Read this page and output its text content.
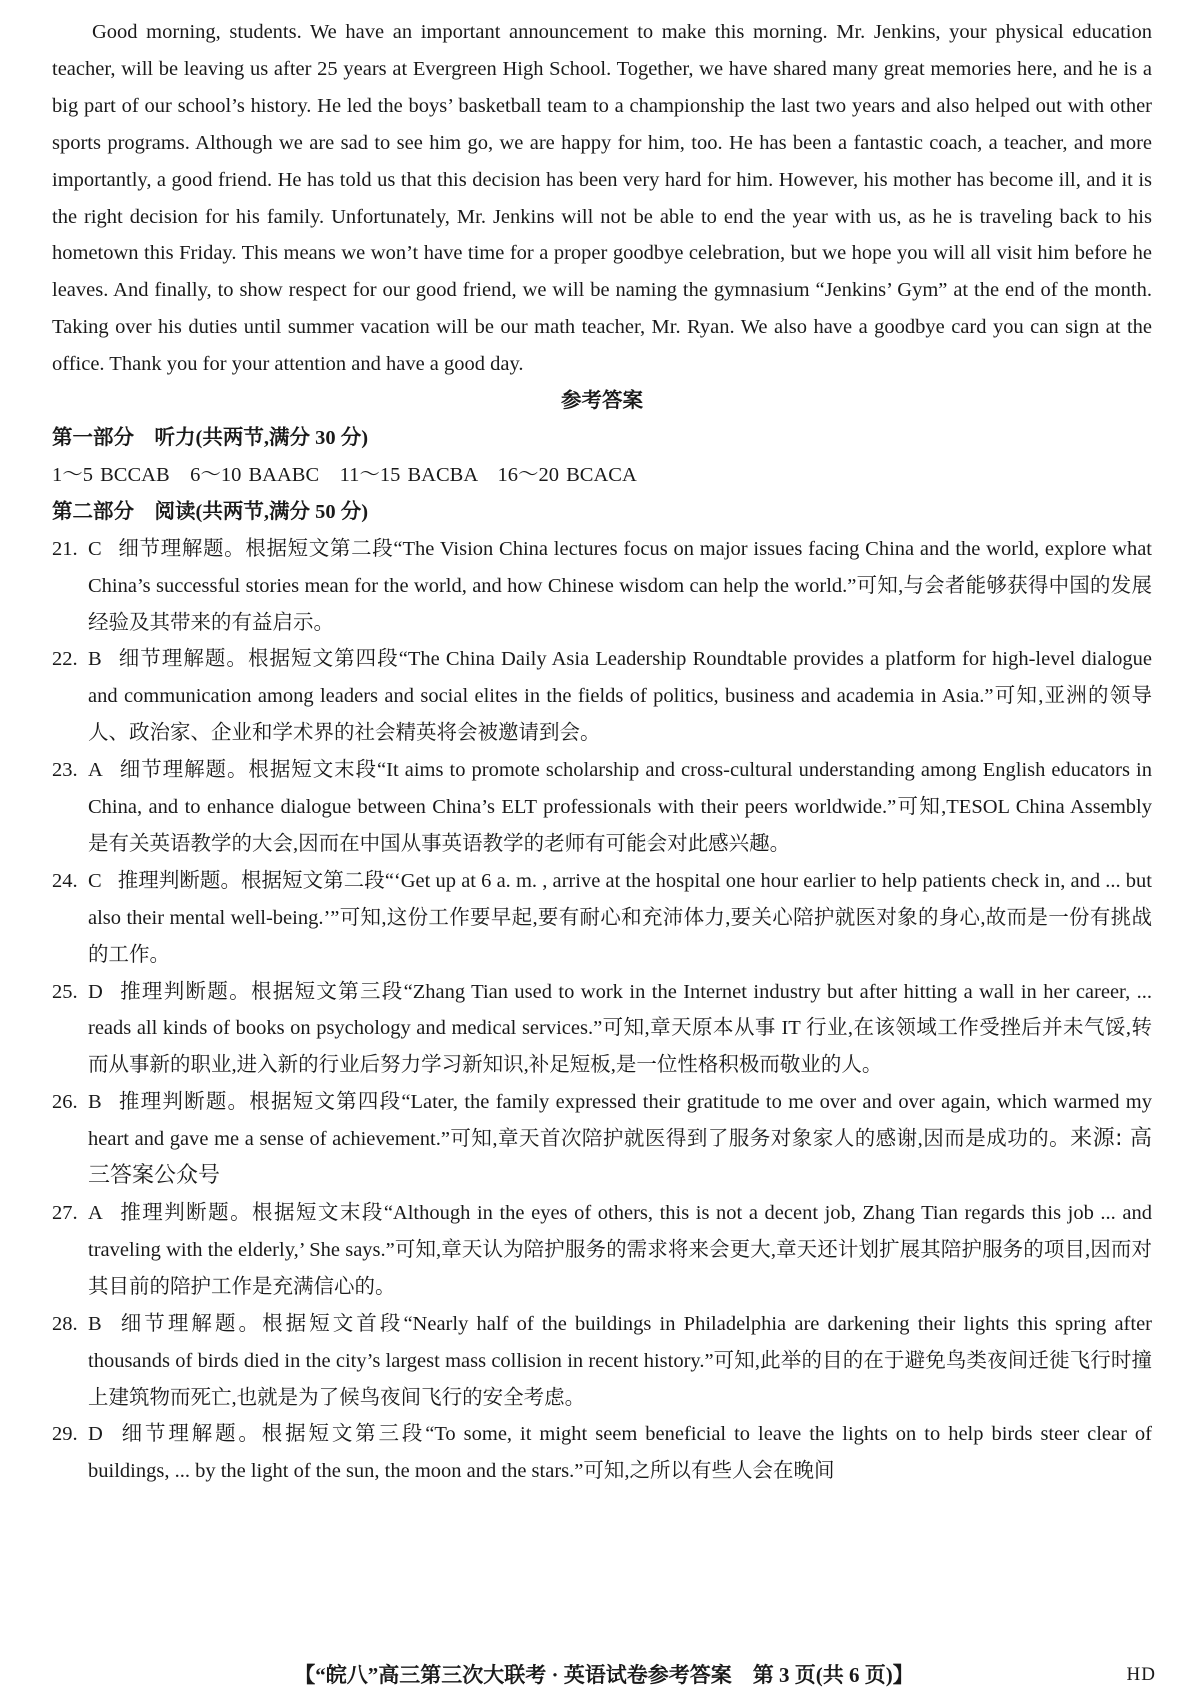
Good morning, students. We have an important announcement to make this morning. Mr. Jenkins, your physical education teacher, will be leaving us after 25 years at Evergreen High School. Together, we have shared many great memories here, and he is a big part of our school’s history. He led the boys’ basketball team to a championship the last two years and also helped out with other sports programs. Although we are sad to see him go, we are happy for him, too. He has been a fantastic coach, a teacher, and more importantly, a good friend. He has told us that this decision has been very hard for him. However, his mother has become ill, and it is the right decision for his family. Unfortunately, Mr. Jenkins will not be able to end the year with us, as he is traveling back to his hometown this Friday. This means we won’t have time for a proper goodbye celebration, but we hope you will all visit him before he leaves. And finally, to show respect for our good friend, we will be naming the gymnasium “Jenkins’ Gym” at the end of the month. Taking over his duties until summer vacation will be our math teacher, Mr. Ryan. We also have a goodbye card you can sign at the office. Thank you for your attention and have a good day.

参考答案

第一部分　听力(共两节,满分 30 分)

1～5 BCCAB　6～10 BAABC　11～15 BACBA　16～20 BCACA

第二部分　阅读(共两节,满分 50 分)

21. C 细节理解题。根据短文第二段“The Vision China lectures focus on major issues facing China and the world, explore what China’s successful stories mean for the world, and how Chinese wisdom can help the world.”可知,与会者能够获得中国的发展经验及其带来的有益启示。
22. B 细节理解题。根据短文第四段“The China Daily Asia Leadership Roundtable provides a platform for high-level dialogue and communication among leaders and social elites in the fields of politics, business and academia in Asia.”可知,亚洲的领导人、政治家、企业和学术界的社会精英将会被邀请到会。
23. A 细节理解题。根据短文末段“It aims to promote scholarship and cross-cultural understanding among English educators in China, and to enhance dialogue between China’s ELT professionals with their peers worldwide.”可知,TESOL China Assembly 是有关英语教学的大会,因而在中国从事英语教学的老师有可能会对此感兴趣。
24. C 推理判断题。根据短文第二段“‘Get up at 6 a. m. , arrive at the hospital one hour earlier to help patients check in, and ... but also their mental well-being.’”可知,这份工作要早起,要有耐心和充沛体力,要关心陪护就医对象的身心,故而是一份有挑战的工作。
25. D 推理判断题。根据短文第三段“Zhang Tian used to work in the Internet industry but after hitting a wall in her career, ... reads all kinds of books on psychology and medical services.”可知,章天原本从事 IT 行业,在该领域工作受挫后并未气馁,转而从事新的职业,进入新的行业后努力学习新知识,补足短板,是一位性格积极而敬业的人。
26. B 推理判断题。根据短文第四段“Later, the family expressed their gratitude to me over and over again, which warmed my heart and gave me a sense of achievement.”可知,章天首次陪护就医得到了服务对象家人的感谢,因而是成功的。来源: 高三答案公众号
27. A 推理判断题。根据短文末段“Although in the eyes of others, this is not a decent job, Zhang Tian regards this job ... and traveling with the elderly,’ She says.”可知,章天认为陪护服务的需求将来会更大,章天还计划扩展其陪护服务的项目,因而对其目前的陪护工作是充满信心的。
28. B 细节理解题。根据短文首段“Nearly half of the buildings in Philadelphia are darkening their lights this spring after thousands of birds died in the city’s largest mass collision in recent history.”可知,此举的目的在于避免鸟类夜间迁徙飞行时撞上建筑物而死亡,也就是为了候鸟夜间飞行的安全考虑。
29. D 细节理解题。根据短文第三段“To some, it might seem beneficial to leave the lights on to help birds steer clear of buildings, ... by the light of the sun, the moon and the stars.”可知,之所以有些人会在晚间
【“皖八”高三第三次大联考 · 英语试卷参考答案　第 3 页(共 6 页)】	HD
